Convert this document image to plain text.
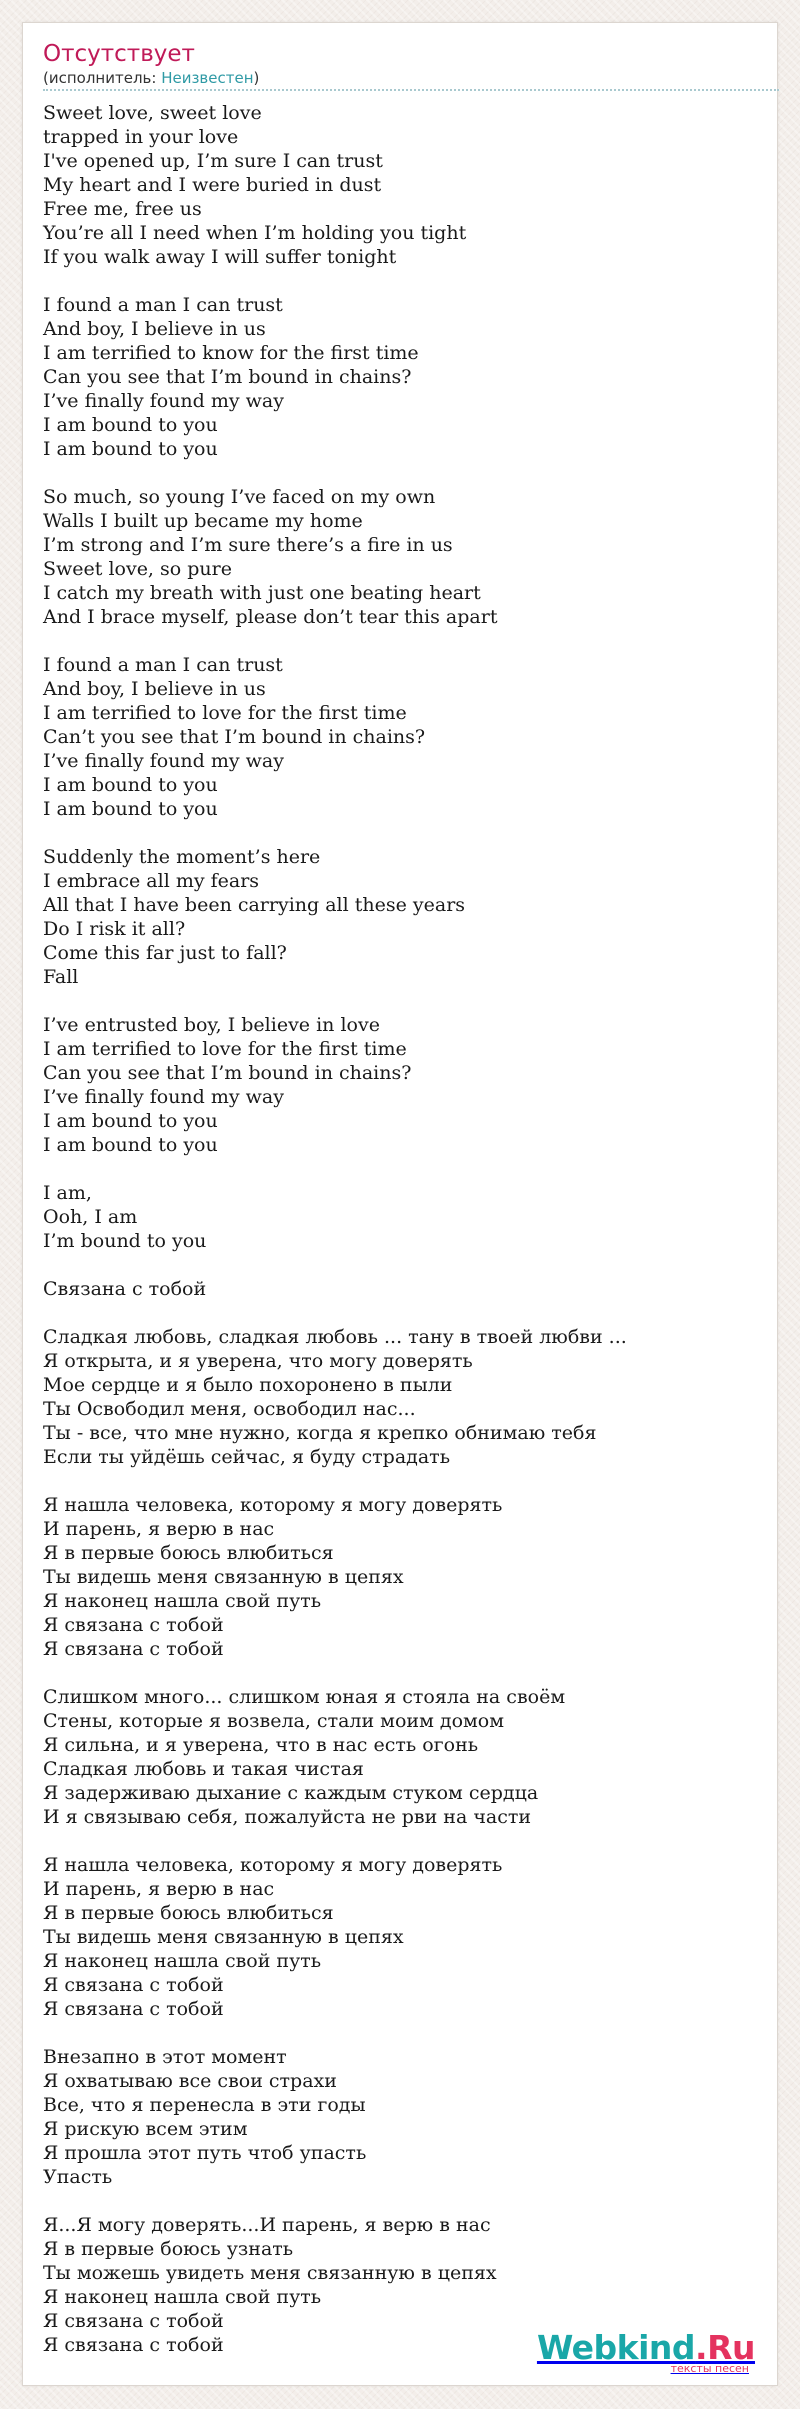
Отсутствует
(исполнитель: Неизвестен)
Sweet love, sweet love
trapped in your love
I've opened up, I’m sure I can trust
My heart and I were buried in dust
Free me, free us
You’re all I need when I’m holding you tight
If you walk away I will suffer tonight

I found a man I can trust
And boy, I believe in us
I am terrified to know for the first time
Can you see that I’m bound in chains?
I’ve finally found my way
I am bound to you
I am bound to you

So much, so young I’ve faced on my own
Walls I built up became my home
I’m strong and I’m sure there’s a fire in us
Sweet love, so pure
I catch my breath with just one beating heart
And I brace myself, please don’t tear this apart

I found a man I can trust
And boy, I believe in us
I am terrified to love for the first time
Can’t you see that I’m bound in chains?
I’ve finally found my way
I am bound to you
I am bound to you

Suddenly the moment’s here
I embrace all my fears
All that I have been carrying all these years
Do I risk it all?
Come this far just to fall?
Fall

I’ve entrusted boy, I believe in love
I am terrified to love for the first time
Can you see that I’m bound in chains?
I’ve finally found my way
I am bound to you
I am bound to you

I am,
Ooh, I am
I’m bound to you

Связана с тобой

Сладкая любовь, сладкая любовь ... тану в твоей любви ...
Я открыта, и я уверена, что могу доверять
Мое сердце и я было похоронено в пыли
Ты Освободил меня, освободил нас...
Ты - все, что мне нужно, когда я крепко обнимаю тебя
Если ты уйдёшь сейчас, я буду страдать

Я нашла человека, которому я могу доверять
И парень, я верю в нас
Я в первые боюсь влюбиться
Ты видешь меня связанную в цепях
Я наконец нашла свой путь
Я связана с тобой
Я связана с тобой

Слишком много... слишком юная я стояла на своём
Стены, которые я возвела, стали моим домом
Я сильна, и я уверена, что в нас есть огонь
Сладкая любовь и такая чистая
Я задерживаю дыхание с каждым стуком сердца
И я связываю себя, пожалуйста не рви на части

Я нашла человека, которому я могу доверять
И парень, я верю в нас
Я в первые боюсь влюбиться
Ты видешь меня связанную в цепях
Я наконец нашла свой путь
Я связана с тобой
Я связана с тобой

Внезапно в этот момент
Я охватываю все свои страхи
Все, что я перенесла в эти годы
Я рискую всем этим
Я прошла этот путь чтоб упасть
Упасть

Я...Я могу доверять...И парень, я верю в нас
Я в первые боюсь узнать
Ты можешь увидеть меня связанную в цепях
Я наконец нашла свой путь
Я связана с тобой
Я связана с тобой	Webkind.Ru
тексты песен
